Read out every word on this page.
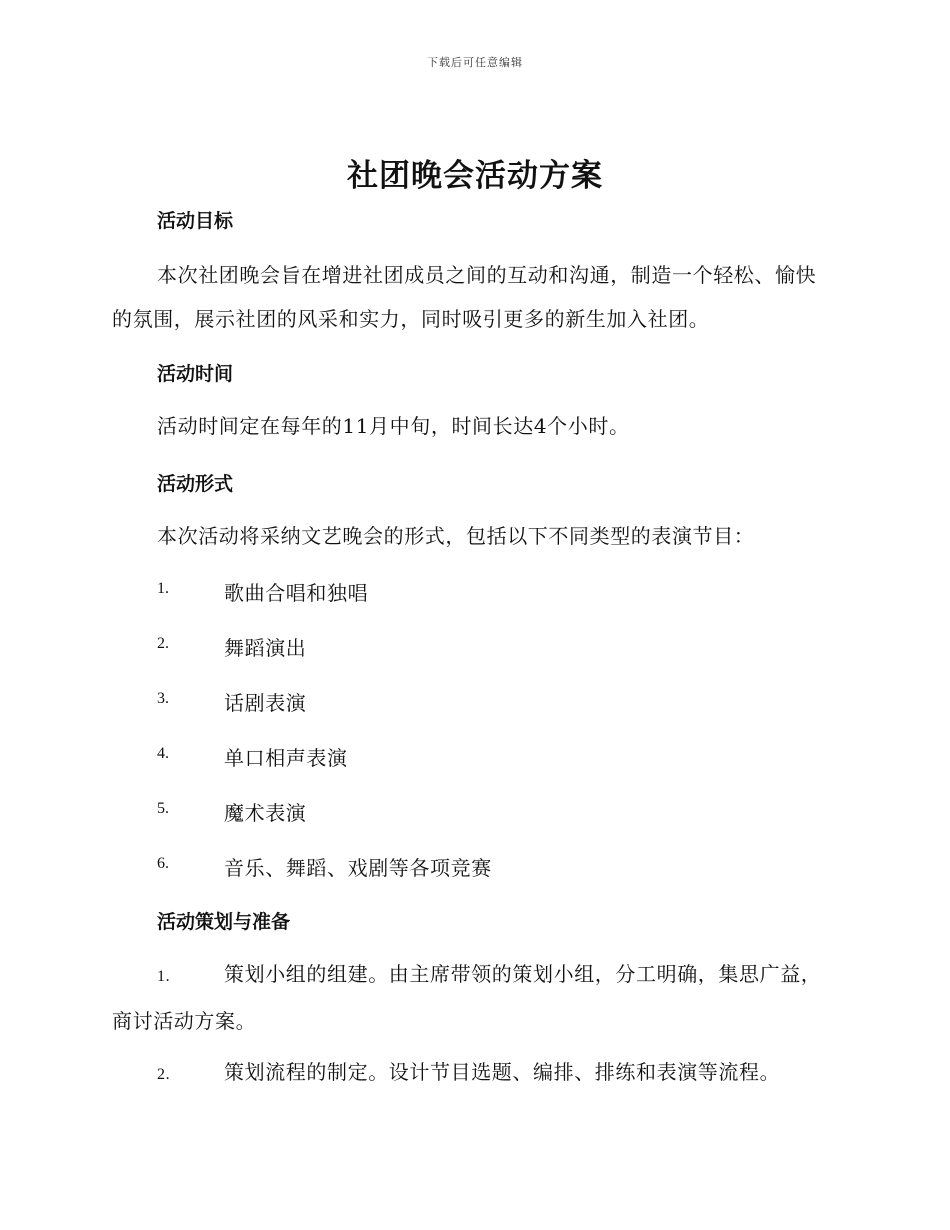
下载后可任意编辑
社团晚会活动方案
活动目标

本次社团晚会旨在增进社团成员之间的互动和沟通，制造一个轻松、愉快的氛围，展示社团的风采和实力，同时吸引更多的新生加入社团。

活动时间

活动时间定在每年的11月中旬，时间长达4个小时。

活动形式

本次活动将采纳文艺晚会的形式，包括以下不同类型的表演节目：

1.	歌曲合唱和独唱
2.	舞蹈演出
3.	话剧表演
4.	单口相声表演
5.	魔术表演
6.	音乐、舞蹈、戏剧等各项竞赛
活动策划与准备

1.	策划小组的组建。由主席带领的策划小组，分工明确，集思广益，商讨活动方案。

2.	策划流程的制定。设计节目选题、编排、排练和表演等流程。
